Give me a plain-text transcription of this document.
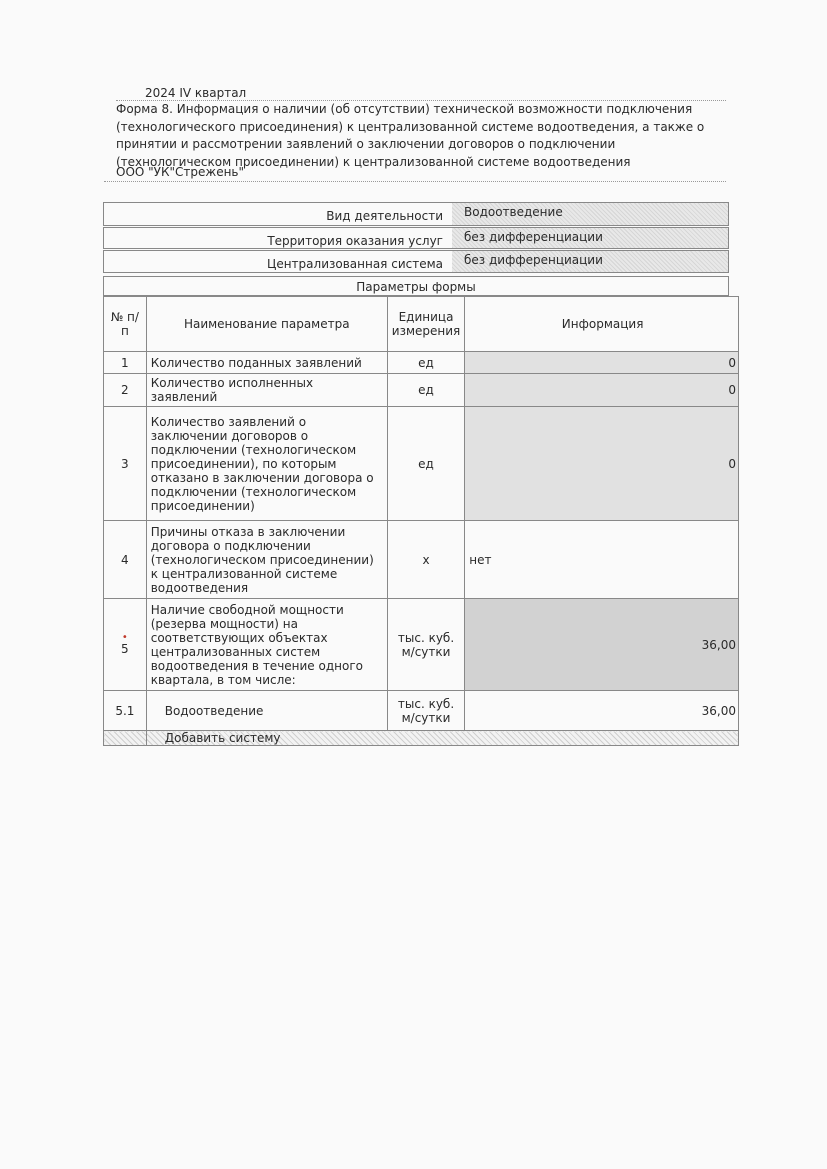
2024 IV квартал
Форма 8. Информация о наличии (об отсутствии) технической возможности подключения (технологического присоединения) к централизованной системе водоотведения, а также о принятии и рассмотрении заявлений о заключении договоров о подключении (технологическом присоединении) к централизованной системе водоотведения
ООО "УК"Стрежень"
Вид деятельности	Водоотведение
Территория оказания услуг	без дифференциации
Централизованная система	без дифференциации
Параметры формы
№ п/п	Наименование параметра	Единица измерения	Информация
1	Количество поданных заявлений	ед	0
2	Количество исполненных заявлений	ед	0
3	Количество заявлений о заключении договоров о подключении (технологическом присоединении), по которым отказано в заключении договора о подключении (технологическом присоединении)	ед	0
4	Причины отказа в заключении договора о подключении (технологическом присоединении) к централизованной системе водоотведения	х	нет

•
5	Наличие свободной мощности (резерва мощности) на соответствующих объектах централизованных систем водоотведения в течение одного квартала, в том числе:	тыс. куб. м/сутки	36,00
5.1	Водоотведение	тыс. куб. м/сутки	36,00
	Добавить систему		
